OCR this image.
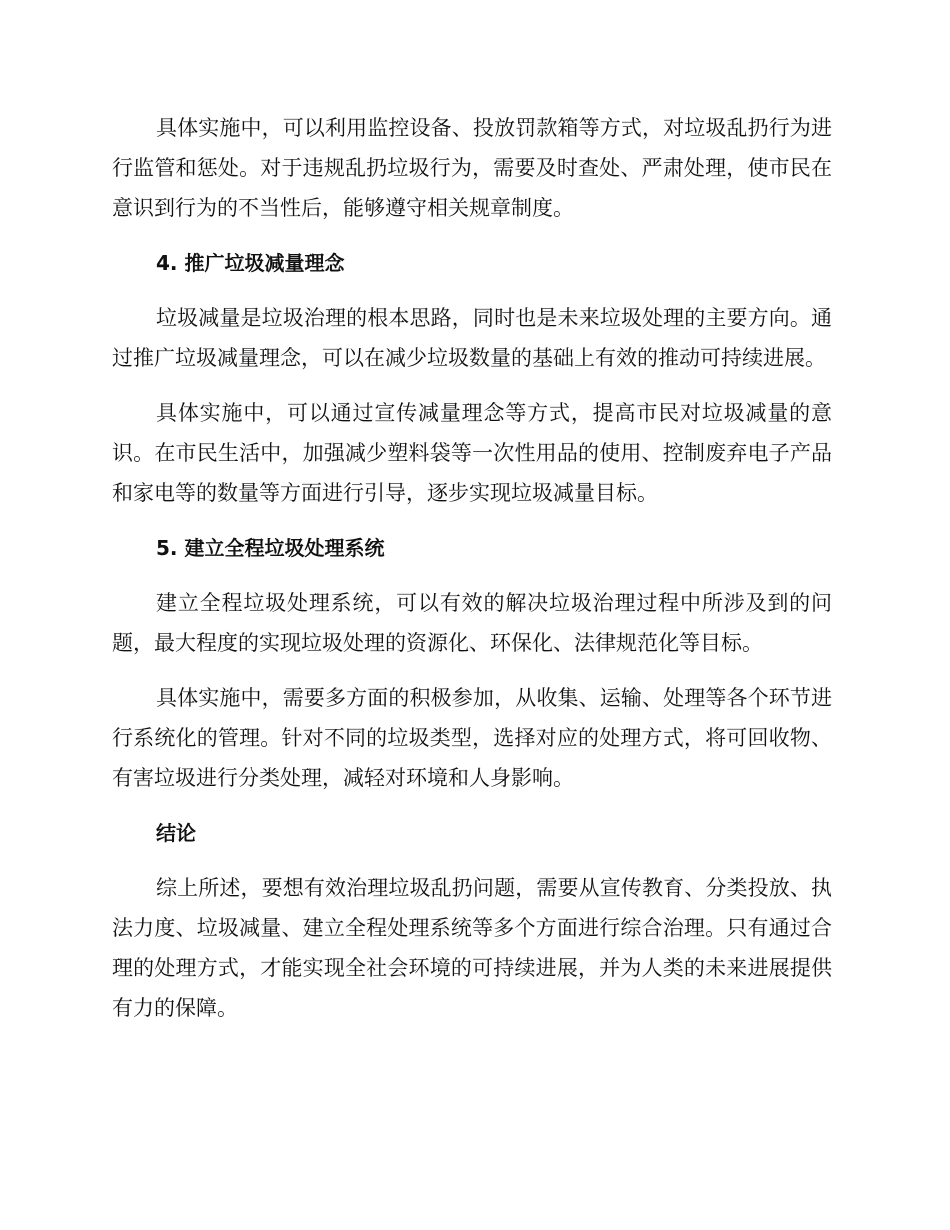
具体实施中，可以利用监控设备、投放罚款箱等方式，对垃圾乱扔行为进行监管和惩处。对于违规乱扔垃圾行为，需要及时查处、严肃处理，使市民在意识到行为的不当性后，能够遵守相关规章制度。

4. 推广垃圾减量理念

垃圾减量是垃圾治理的根本思路，同时也是未来垃圾处理的主要方向。通过推广垃圾减量理念，可以在减少垃圾数量的基础上有效的推动可持续进展。

具体实施中，可以通过宣传减量理念等方式，提高市民对垃圾减量的意识。在市民生活中，加强减少塑料袋等一次性用品的使用、控制废弃电子产品和家电等的数量等方面进行引导，逐步实现垃圾减量目标。

5. 建立全程垃圾处理系统

建立全程垃圾处理系统，可以有效的解决垃圾治理过程中所涉及到的问题，最大程度的实现垃圾处理的资源化、环保化、法律规范化等目标。

具体实施中，需要多方面的积极参加，从收集、运输、处理等各个环节进行系统化的管理。针对不同的垃圾类型，选择对应的处理方式，将可回收物、有害垃圾进行分类处理，减轻对环境和人身影响。

结论

综上所述，要想有效治理垃圾乱扔问题，需要从宣传教育、分类投放、执法力度、垃圾减量、建立全程处理系统等多个方面进行综合治理。只有通过合理的处理方式，才能实现全社会环境的可持续进展，并为人类的未来进展提供有力的保障。
